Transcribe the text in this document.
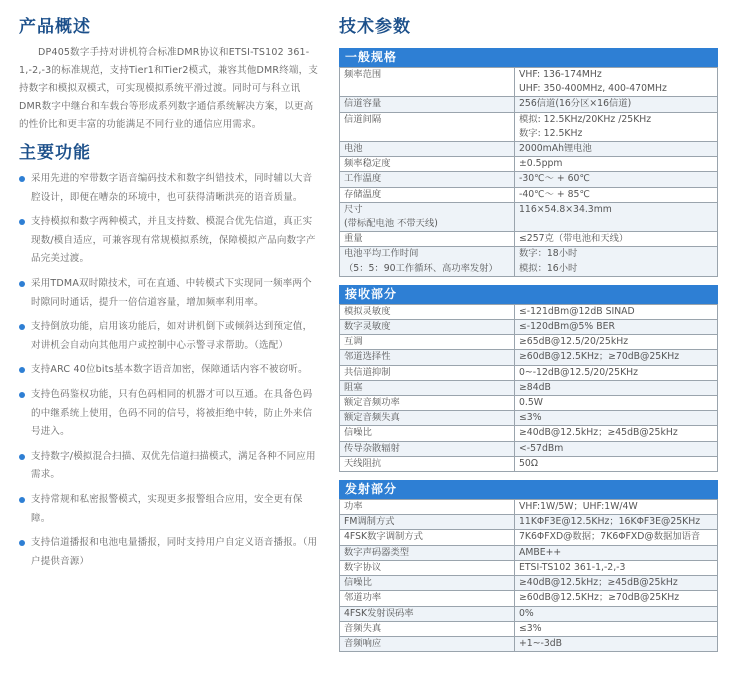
产品概述

DP405数字手持对讲机符合标准DMR协议和ETSI-TS102 361-1,-2,-3的标准规范，支持Tier1和Tier2模式，兼容其他DMR终端，支持数字和模拟双模式，可实现模拟系统平滑过渡。同时可与科立讯DMR数字中继台和车载台等形成系列数字通信系统解决方案，以更高的性价比和更丰富的功能满足不同行业的通信应用需求。

主要功能
采用先进的窄带数字语音编码技术和数字纠错技术，同时辅以大音腔设计，即便在嘈杂的环境中，也可获得清晰洪亮的语音质量。
支持模拟和数字两种模式，并且支持数、模混合优先信道，真正实现数/模自适应，可兼容现有常规模拟系统，保障模拟产品向数字产品完美过渡。
采用TDMA双时隙技术，可在直通、中转模式下实现同一频率两个时隙同时通话，提升一倍信道容量，增加频率利用率。
支持倒放功能，启用该功能后，如对讲机倒下或倾斜达到预定值，对讲机会自动向其他用户或控制中心示警寻求帮助。（选配）
支持ARC 40位bits基本数字语音加密，保障通话内容不被窃听。
支持色码鉴权功能，只有色码相同的机器才可以互通。在具备色码的中继系统上使用，色码不同的信号，将被拒绝中转，防止外来信号进入。
支持数字/模拟混合扫描、双优先信道扫描模式，满足各种不同应用需求。
支持常规和私密报警模式，实现更多报警组合应用，安全更有保障。
支持信道播报和电池电量播报，同时支持用户自定义语音播报。（用户提供音源）
技术参数
一般规格
频率范围	VHF: 136-174MHz
UHF: 350-400MHz, 400-470MHz
信道容量	256信道(16分区×16信道)
信道间隔	模拟: 12.5KHz/20KHz /25KHz
数字: 12.5KHz
电池	2000mAh锂电池
频率稳定度	±0.5ppm
工作温度	-30℃～ + 60℃
存储温度	-40℃～ + 85℃
尺寸
(带标配电池 不带天线)	116×54.8×34.3mm
重量	≤257克（带电池和天线）
电池平均工作时间
（5：5：90工作循环、高功率发射）	数字：18小时
模拟：16小时
接收部分
模拟灵敏度	≤-121dBm@12dB SINAD
数字灵敏度	≤-120dBm@5% BER
互调	≥65dB@12.5/20/25kHz
邻道选择性	≥60dB@12.5KHz；≥70dB@25KHz
共信道抑制	0~-12dB@12.5/20/25KHz
阻塞	≥84dB
额定音频功率	0.5W
额定音频失真	≤3%
信噪比	≥40dB@12.5kHz；≥45dB@25kHz
传导杂散辐射	<-57dBm
天线阻抗	50Ω
发射部分
功率	VHF:1W/5W；UHF:1W/4W
FM调制方式	11KΦF3E@12.5KHz；16KΦF3E@25KHz
4FSK数字调制方式	7K6ΦFXD@数据；7K6ΦFXD@数据加语音
数字声码器类型	AMBE++
数字协议	ETSI-TS102 361-1,-2,-3
信噪比	≥40dB@12.5kHz；≥45dB@25kHz
邻道功率	≥60dB@12.5KHz；≥70dB@25KHz
4FSK发射误码率	0%
音频失真	≤3%
音频响应	+1~-3dB
